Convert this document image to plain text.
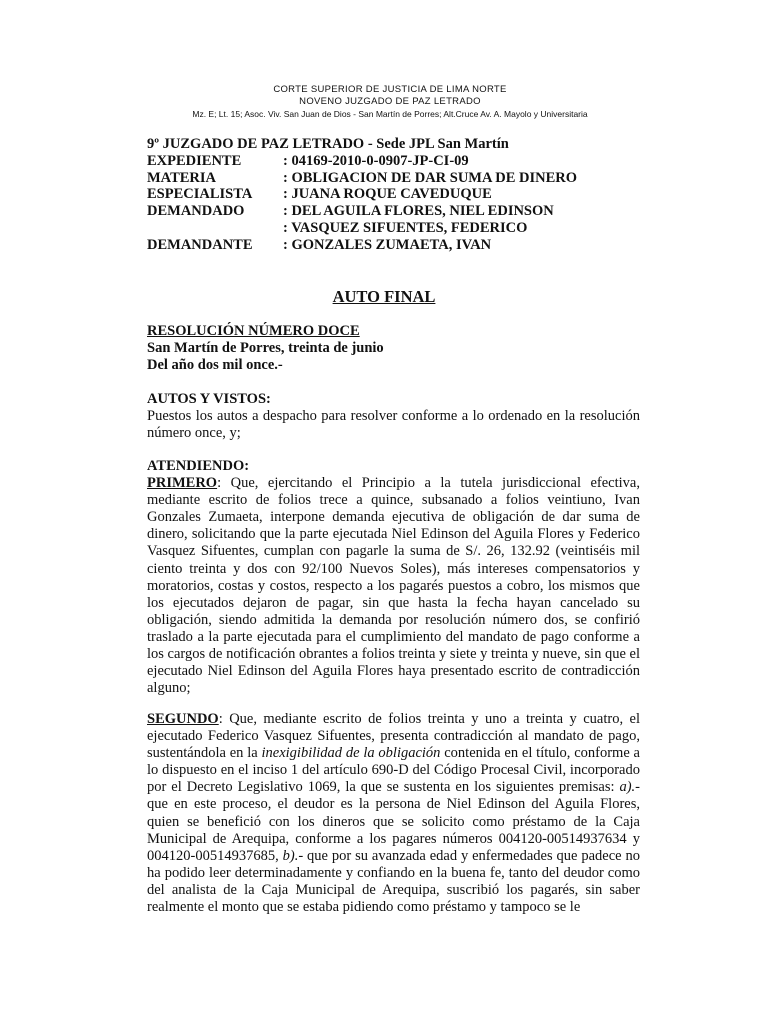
CORTE SUPERIOR DE JUSTICIA DE LIMA NORTE
NOVENO JUZGADO DE PAZ LETRADO
Mz. E; Lt. 15; Asoc. Viv. San Juan de Dios - San Martín de Porres; Alt.Cruce Av. A. Mayolo y Universitaria
9º JUZGADO DE PAZ LETRADO - Sede JPL San Martín
EXPEDIENTE	: 04169-2010-0-0907-JP-CI-09
MATERIA	: OBLIGACION DE DAR SUMA DE DINERO
ESPECIALISTA	: JUANA ROQUE CAVEDUQUE
DEMANDADO	: DEL AGUILA FLORES, NIEL EDINSON
: VASQUEZ SIFUENTES, FEDERICO
DEMANDANTE	: GONZALES ZUMAETA, IVAN
AUTO FINAL
RESOLUCIÓN NÚMERO DOCE
San Martín de Porres, treinta de junio
Del año dos mil once.-
AUTOS Y VISTOS:
Puestos los autos a despacho para resolver conforme a lo ordenado en la resolución número once, y;
ATENDIENDO:
PRIMERO: Que, ejercitando el Principio a la tutela jurisdiccional efectiva, mediante escrito de folios trece a quince, subsanado a folios veintiuno, Ivan Gonzales Zumaeta, interpone demanda ejecutiva de obligación de dar suma de dinero, solicitando que la parte ejecutada Niel Edinson del Aguila Flores y Federico Vasquez Sifuentes, cumplan con pagarle la suma de S/. 26, 132.92 (veintiséis mil ciento treinta y dos con 92/100 Nuevos Soles), más intereses compensatorios y moratorios, costas y costos, respecto a los pagarés puestos a cobro, los mismos que los ejecutados dejaron de pagar, sin que hasta la fecha hayan cancelado su obligación, siendo admitida la demanda por resolución número dos, se confirió traslado a la parte ejecutada para el cumplimiento del mandato de pago conforme a los cargos de notificación obrantes a folios treinta y siete y treinta y nueve, sin que el ejecutado Niel Edinson del Aguila Flores haya presentado escrito de contradicción alguno;
SEGUNDO: Que, mediante escrito de folios treinta y uno a treinta y cuatro, el ejecutado Federico Vasquez Sifuentes, presenta contradicción al mandato de pago, sustentándola en la inexigibilidad de la obligación contenida en el título, conforme a lo dispuesto en el inciso 1 del artículo 690-D del Código Procesal Civil, incorporado por el Decreto Legislativo 1069, la que se sustenta en los siguientes premisas: a).- que en este proceso, el deudor es la persona de Niel Edinson del Aguila Flores, quien se benefició con los dineros que se solicito como préstamo de la Caja Municipal de Arequipa, conforme a los pagares números 004120-00514937634 y 004120-00514937685, b).- que por su avanzada edad y enfermedades que padece no ha podido leer determinadamente y confiando en la buena fe, tanto del deudor como del analista de la Caja Municipal de Arequipa, suscribió los pagarés, sin saber realmente el monto que se estaba pidiendo como préstamo y tampoco se le
